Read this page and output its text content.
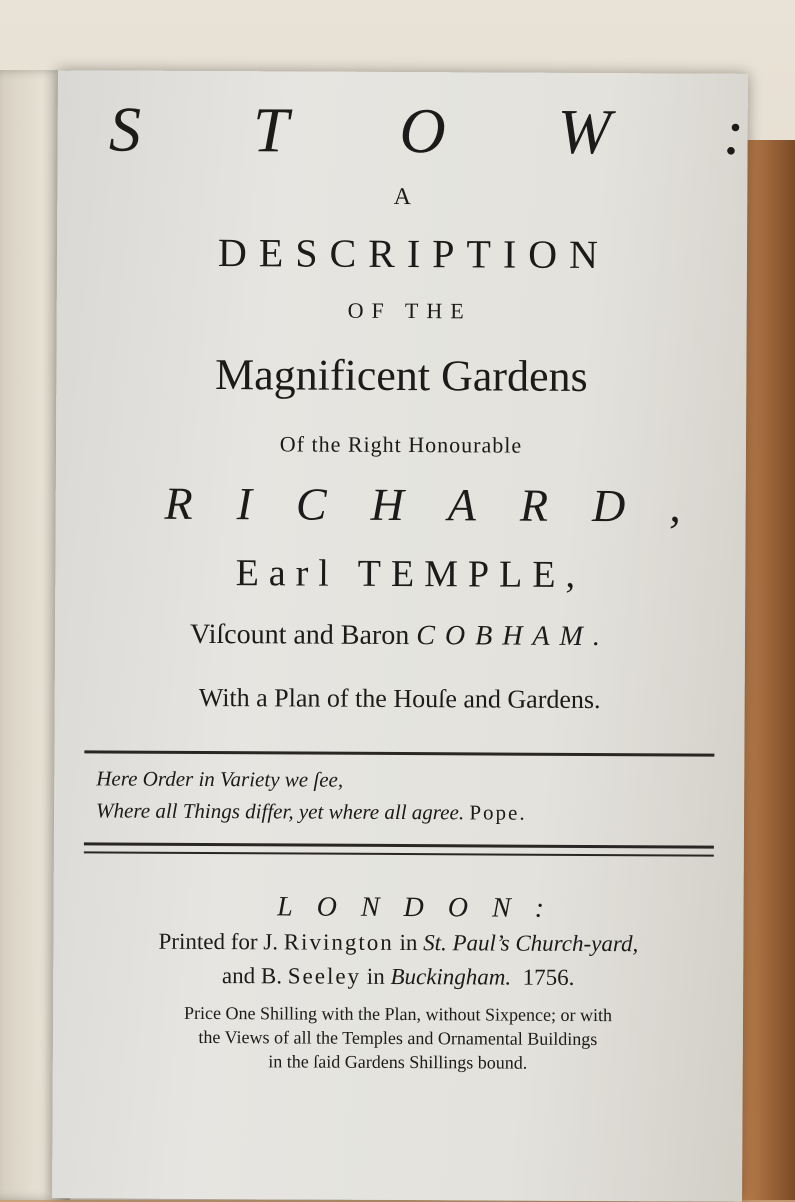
S T O W :
A
DESCRIPTION
OF THE
Magnificent Gardens
Of the Right Honourable
RICHARD,
Earl TEMPLE,
Viſcount and Baron COBHAM.
With a Plan of the Houſe and Gardens.
Here Order in Variety we ſee,
Where all Things differ, yet where all agree. Pope.
LONDON:
Printed for J. Rivington in St. Paul’s Church-yard,
and B. Seeley in Buckingham. 1756.
Price One Shilling with the Plan, without Sixpence; or with
the Views of all the Temples and Ornamental Buildings
in the ſaid Gardens Shillings bound.
